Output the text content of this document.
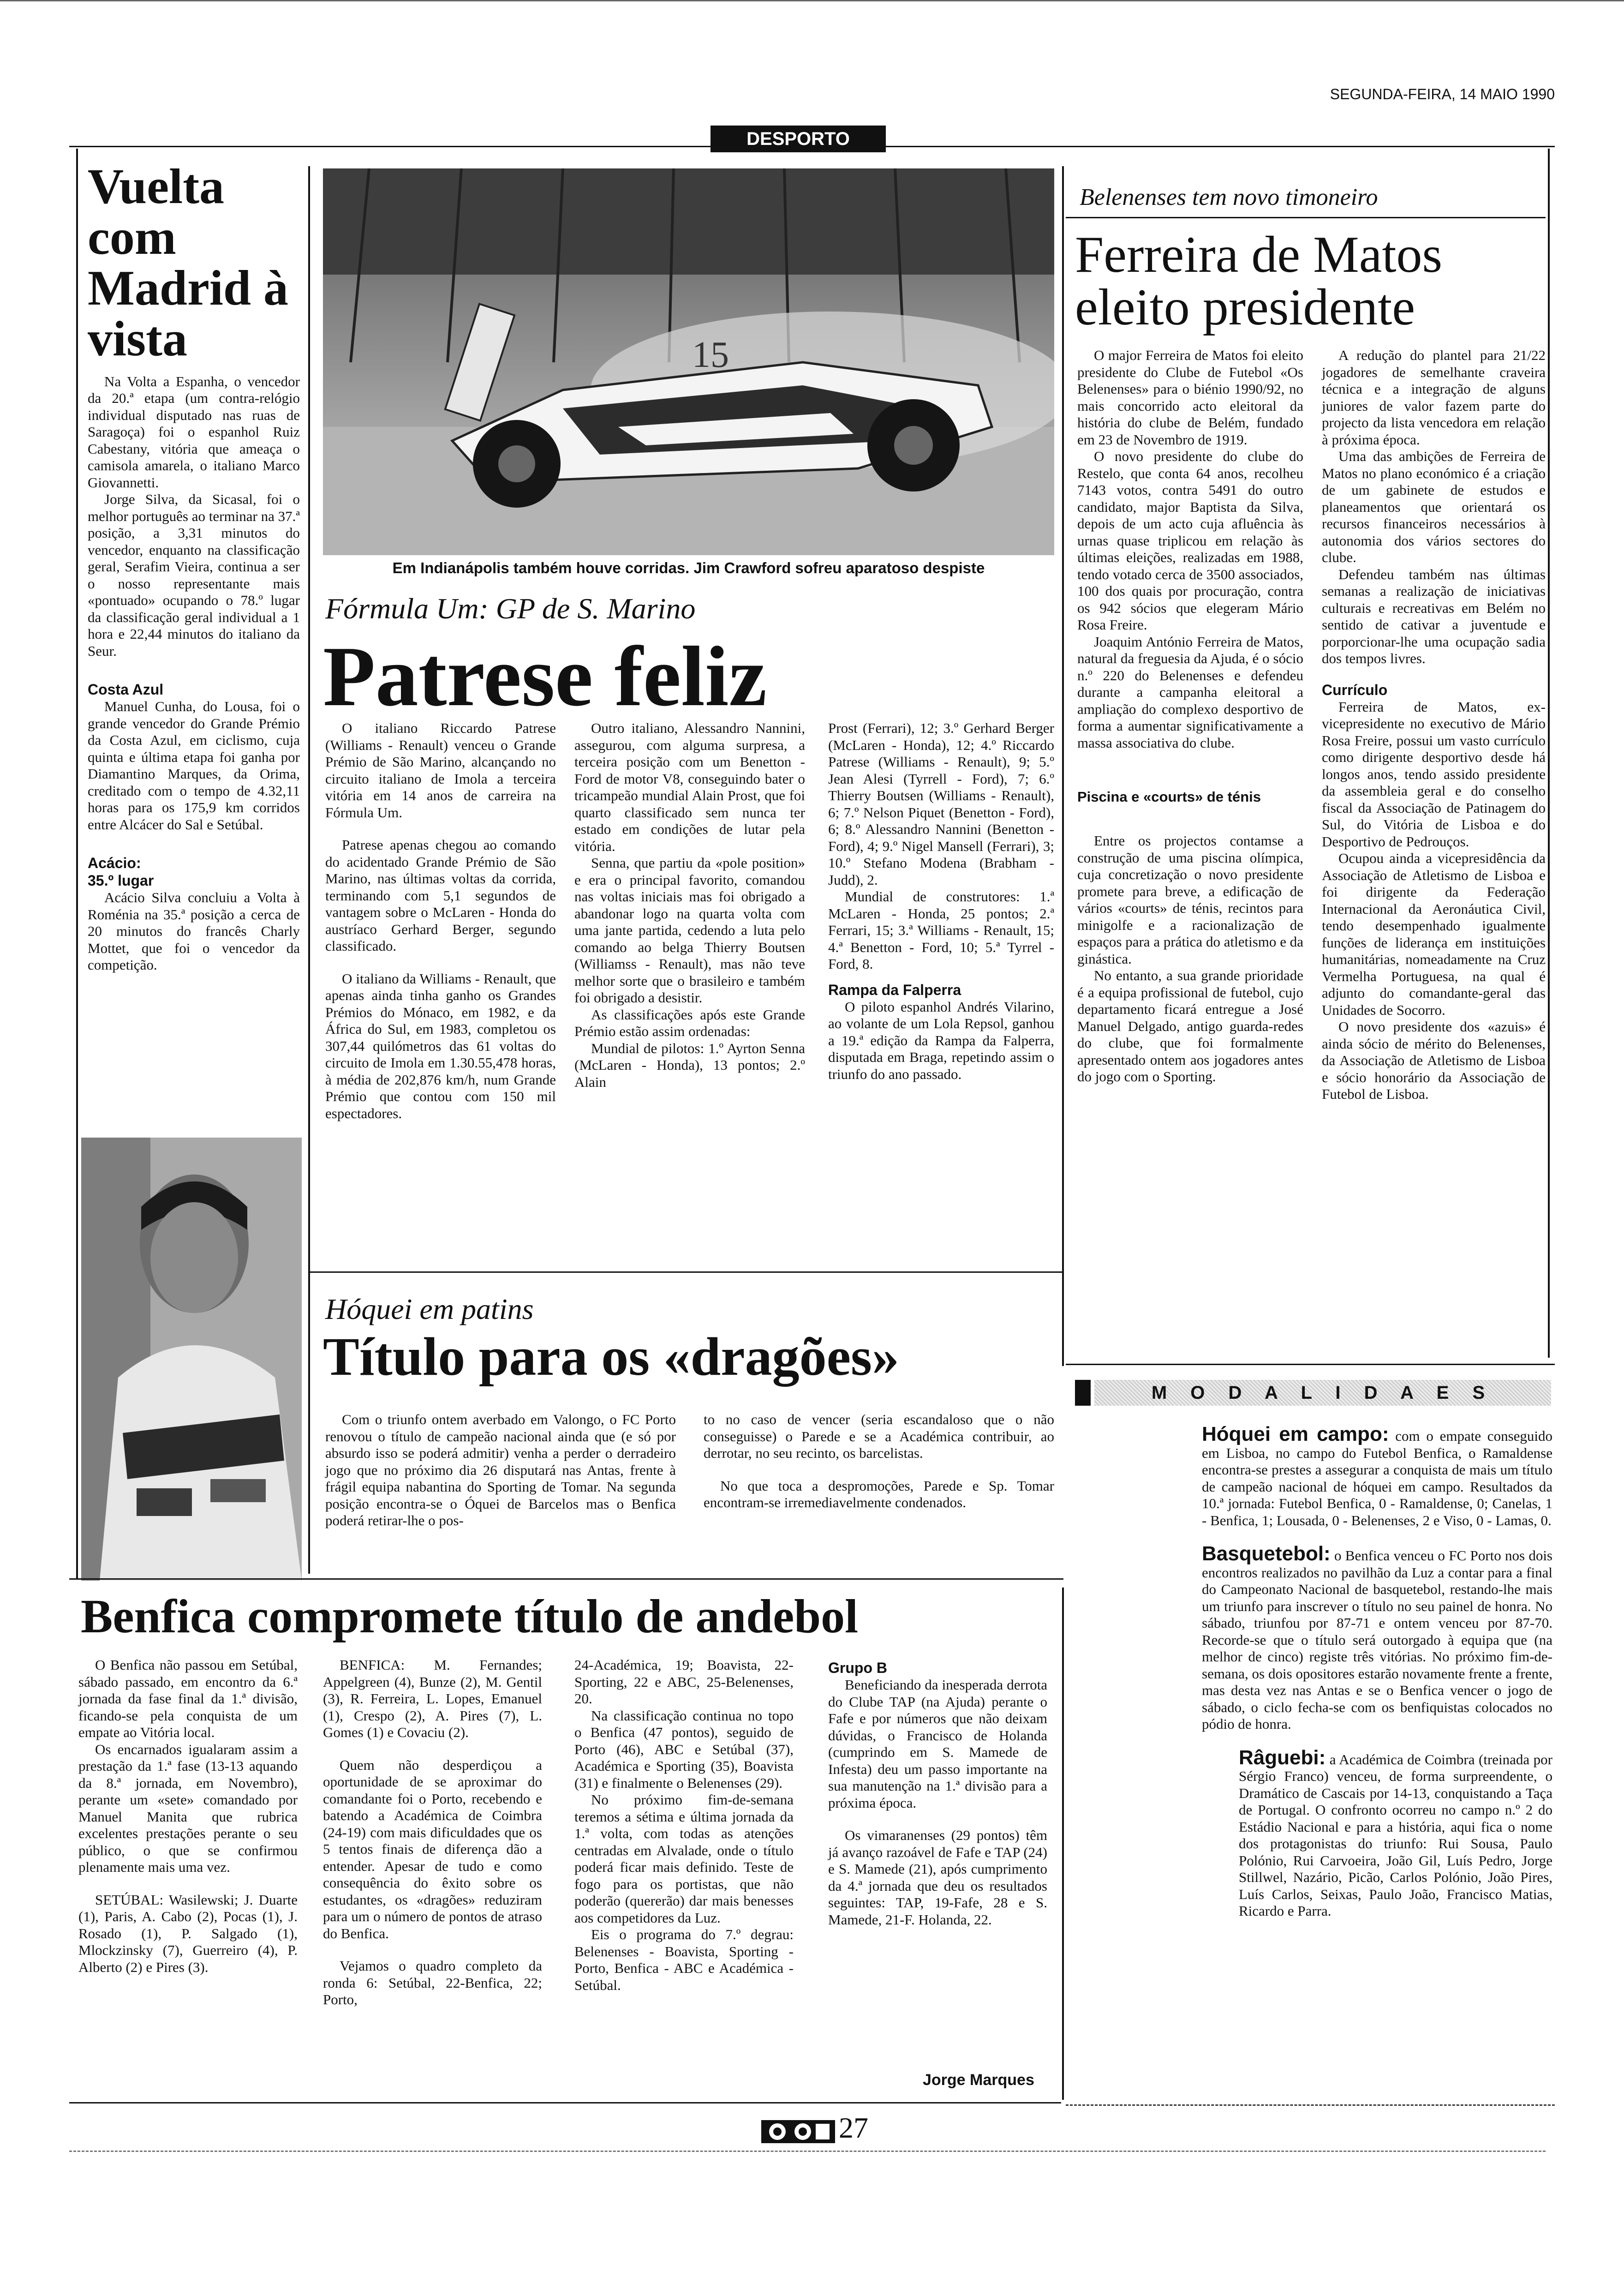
SEGUNDA-FEIRA, 14 MAIO 1990
DESPORTO
Vuelta com Madrid à vista

Na Volta a Espanha, o vencedor da 20.ª etapa (um contra-relógio individual disputado nas ruas de Saragoça) foi o espanhol Ruiz Cabestany, vitória que ameaça o camisola amarela, o italiano Marco Giovannetti.

Jorge Silva, da Sicasal, foi o melhor português ao terminar na 37.ª posição, a 3,31 minutos do vencedor, enquanto na classificação geral, Serafim Vieira, continua a ser o nosso representante mais «pontuado» ocupando o 78.º lugar da classificação geral individual a 1 hora e 22,44 minutos do italiano da Seur.

Costa Azul

Manuel Cunha, do Lousa, foi o grande vencedor do Grande Prémio da Costa Azul, em ciclismo, cuja quinta e última etapa foi ganha por Diamantino Marques, da Orima, creditado com o tempo de 4.32,11 horas para os 175,9 km corridos entre Alcácer do Sal e Setúbal.

Acácio:
35.º lugar

Acácio Silva concluiu a Volta à Roménia na 35.ª posição a cerca de 20 minutos do francês Charly Mottet, que foi o vencedor da competição.

15
Em Indianápolis também houve corridas. Jim Crawford sofreu aparatoso despiste
Fórmula Um: GP de S. Marino
Patrese feliz

O italiano Riccardo Patrese (Williams - Renault) venceu o Grande Prémio de São Marino, alcançando no circuito italiano de Imola a terceira vitória em 14 anos de carreira na Fórmula Um.

Patrese apenas chegou ao comando do acidentado Grande Prémio de São Marino, nas últimas voltas da corrida, terminando com 5,1 segundos de vantagem sobre o McLaren - Honda do austríaco Gerhard Berger, segundo classificado.

O italiano da Williams - Renault, que apenas ainda tinha ganho os Grandes Prémios do Mónaco, em 1982, e da África do Sul, em 1983, completou os 307,44 quilómetros das 61 voltas do circuito de Imola em 1.30.55,478 horas, à média de 202,876 km/h, num Grande Prémio que contou com 150 mil espectadores.

Outro italiano, Alessandro Nannini, assegurou, com alguma surpresa, a terceira posição com um Benetton - Ford de motor V8, conseguindo bater o tricampeão mundial Alain Prost, que foi quarto classificado sem nunca ter estado em condições de lutar pela vitória.

Senna, que partiu da «pole position» e era o principal favorito, comandou nas voltas iniciais mas foi obrigado a abandonar logo na quarta volta com uma jante partida, cedendo a luta pelo comando ao belga Thierry Boutsen (Williamss - Renault), mas não teve melhor sorte que o brasileiro e também foi obrigado a desistir.

As classificações após este Grande Prémio estão assim ordenadas:

Mundial de pilotos: 1.º Ayrton Senna (McLaren - Honda), 13 pontos; 2.º Alain

Prost (Ferrari), 12; 3.º Gerhard Berger (McLaren - Honda), 12; 4.º Riccardo Patrese (Williams - Renault), 9; 5.º Jean Alesi (Tyrrell - Ford), 7; 6.º Thierry Boutsen (Williams - Renault), 6; 7.º Nelson Piquet (Benetton - Ford), 6; 8.º Alessandro Nannini (Benetton - Ford), 4; 9.º Nigel Mansell (Ferrari), 3; 10.º Stefano Modena (Brabham - Judd), 2.

Mundial de construtores: 1.ª McLaren - Honda, 25 pontos; 2.ª Ferrari, 15; 3.ª Williams - Renault, 15; 4.ª Benetton - Ford, 10; 5.ª Tyrrel - Ford, 8.

Rampa da Falperra

O piloto espanhol Andrés Vilarino, ao volante de um Lola Repsol, ganhou a 19.ª edição da Rampa da Falperra, disputada em Braga, repetindo assim o triunfo do ano passado.

Hóquei em patins
Título para os «dragões»

Com o triunfo ontem averbado em Valongo, o FC Porto renovou o título de campeão nacional ainda que (e só por absurdo isso se poderá admitir) venha a perder o derradeiro jogo que no próximo dia 26 disputará nas Antas, frente à frágil equipa nabantina do Sporting de Tomar. Na segunda posição encontra-se o Óquei de Barcelos mas o Benfica poderá retirar-lhe o pos-

to no caso de vencer (seria escandaloso que o não conseguisse) o Parede e se a Académica contribuir, ao derrotar, no seu recinto, os barcelistas.

No que toca a despromoções, Parede e Sp. Tomar encontram-se irremediavelmente condenados.

Belenenses tem novo timoneiro
Ferreira de Matos eleito presidente

O major Ferreira de Matos foi eleito presidente do Clube de Futebol «Os Belenenses» para o biénio 1990/92, no mais concorrido acto eleitoral da história do clube de Belém, fundado em 23 de Novembro de 1919.

O novo presidente do clube do Restelo, que conta 64 anos, recolheu 7143 votos, contra 5491 do outro candidato, major Baptista da Silva, depois de um acto cuja afluência às urnas quase triplicou em relação às últimas eleições, realizadas em 1988, tendo votado cerca de 3500 associados, 100 dos quais por procuração, contra os 942 sócios que elegeram Mário Rosa Freire.

Joaquim António Ferreira de Matos, natural da freguesia da Ajuda, é o sócio n.º 220 do Belenenses e defendeu durante a campanha eleitoral a ampliação do complexo desportivo de forma a aumentar significativamente a massa associativa do clube.

Piscina e «courts» de ténis

Entre os projectos contamse a construção de uma piscina olímpica, cuja concretização o novo presidente promete para breve, a edificação de vários «courts» de ténis, recintos para minigolfe e a racionalização de espaços para a prática do atletismo e da ginástica.

No entanto, a sua grande prioridade é a equipa profissional de futebol, cujo departamento ficará entregue a José Manuel Delgado, antigo guarda-redes do clube, que foi formalmente apresentado ontem aos jogadores antes do jogo com o Sporting.

A redução do plantel para 21/22 jogadores de semelhante craveira técnica e a integração de alguns juniores de valor fazem parte do projecto da lista vencedora em relação à próxima época.

Uma das ambições de Ferreira de Matos no plano económico é a criação de um gabinete de estudos e planeamentos que orientará os recursos financeiros necessários à autonomia dos vários sectores do clube.

Defendeu também nas últimas semanas a realização de iniciativas culturais e recreativas em Belém no sentido de cativar a juventude e porporcionar-lhe uma ocupação sadia dos tempos livres.

Currículo

Ferreira de Matos, ex-vicepresidente no executivo de Mário Rosa Freire, possui um vasto currículo como dirigente desportivo desde há longos anos, tendo assido presidente da assembleia geral e do conselho fiscal da Associação de Patinagem do Sul, do Vitória de Lisboa e do Desportivo de Pedrouços.

Ocupou ainda a vicepresidência da Associação de Atletismo de Lisboa e foi dirigente da Federação Internacional da Aeronáutica Civil, tendo desempenhado igualmente funções de liderança em instituições humanitárias, nomeadamente na Cruz Vermelha Portuguesa, na qual é adjunto do comandante-geral das Unidades de Socorro.

O novo presidente dos «azuis» é ainda sócio de mérito do Belenenses, da Associação de Atletismo de Lisboa e sócio honorário da Associação de Futebol de Lisboa.

M O D A L I D A E S
Hóquei em campo: com o empate conseguido em Lisboa, no campo do Futebol Benfica, o Ramaldense encontra-se prestes a assegurar a conquista de mais um título de campeão nacional de hóquei em campo. Resultados da 10.ª jornada: Futebol Benfica, 0 - Ramaldense, 0; Canelas, 1 - Benfica, 1; Lousada, 0 - Belenenses, 2 e Viso, 0 - Lamas, 0.
Basquetebol: o Benfica venceu o FC Porto nos dois encontros realizados no pavilhão da Luz a contar para a final do Campeonato Nacional de basquetebol, restando-lhe mais um triunfo para inscrever o título no seu painel de honra. No sábado, triunfou por 87-71 e ontem venceu por 87-70. Recorde-se que o título será outorgado à equipa que (na melhor de cinco) registe três vitórias. No próximo fim-de-semana, os dois opositores estarão novamente frente a frente, mas desta vez nas Antas e se o Benfica vencer o jogo de sábado, o ciclo fecha-se com os benfiquistas colocados no pódio de honra.
Râguebi: a Académica de Coimbra (treinada por Sérgio Franco) venceu, de forma surpreendente, o Dramático de Cascais por 14-13, conquistando a Taça de Portugal. O confronto ocorreu no campo n.º 2 do Estádio Nacional e para a história, aqui fica o nome dos protagonistas do triunfo: Rui Sousa, Paulo Polónio, Rui Carvoeira, João Gil, Luís Pedro, Jorge Stillwel, Nazário, Picão, Carlos Polónio, João Pires, Luís Carlos, Seixas, Paulo João, Francisco Matias, Ricardo e Parra.
Benfica compromete título de andebol

O Benfica não passou em Setúbal, sábado passado, em encontro da 6.ª jornada da fase final da 1.ª divisão, ficando-se pela conquista de um empate ao Vitória local.

Os encarnados igualaram assim a prestação da 1.ª fase (13-13 aquando da 8.ª jornada, em Novembro), perante um «sete» comandado por Manuel Manita que rubrica excelentes prestações perante o seu público, o que se confirmou plenamente mais uma vez.

SETÚBAL: Wasilewski; J. Duarte (1), Paris, A. Cabo (2), Pocas (1), J. Rosado (1), P. Salgado (1), Mlockzinsky (7), Guerreiro (4), P. Alberto (2) e Pires (3).

BENFICA: M. Fernandes; Appelgreen (4), Bunze (2), M. Gentil (3), R. Ferreira, L. Lopes, Emanuel (1), Crespo (2), A. Pires (7), L. Gomes (1) e Covaciu (2).

Quem não desperdiçou a oportunidade de se aproximar do comandante foi o Porto, recebendo e batendo a Académica de Coimbra (24-19) com mais dificuldades que os 5 tentos finais de diferença dão a entender. Apesar de tudo e como consequência do êxito sobre os estudantes, os «dragões» reduziram para um o número de pontos de atraso do Benfica.

Vejamos o quadro completo da ronda 6: Setúbal, 22-Benfica, 22; Porto,

24-Académica, 19; Boavista, 22-Sporting, 22 e ABC, 25-Belenenses, 20.

Na classificação continua no topo o Benfica (47 pontos), seguido de Porto (46), ABC e Setúbal (37), Académica e Sporting (35), Boavista (31) e finalmente o Belenenses (29).

No próximo fim-de-semana teremos a sétima e última jornada da 1.ª volta, com todas as atenções centradas em Alvalade, onde o título poderá ficar mais definido. Teste de fogo para os portistas, que não poderão (quererão) dar mais benesses aos competidores da Luz.

Eis o programa do 7.º degrau: Belenenses - Boavista, Sporting - Porto, Benfica - ABC e Académica - Setúbal.

Grupo B

Beneficiando da inesperada derrota do Clube TAP (na Ajuda) perante o Fafe e por números que não deixam dúvidas, o Francisco de Holanda (cumprindo em S. Mamede de Infesta) deu um passo importante na sua manutenção na 1.ª divisão para a próxima época.

Os vimaranenses (29 pontos) têm já avanço razoável de Fafe e TAP (24) e S. Mamede (21), após cumprimento da 4.ª jornada que deu os resultados seguintes: TAP, 19-Fafe, 28 e S. Mamede, 21-F. Holanda, 22.

Jorge Marques
27
